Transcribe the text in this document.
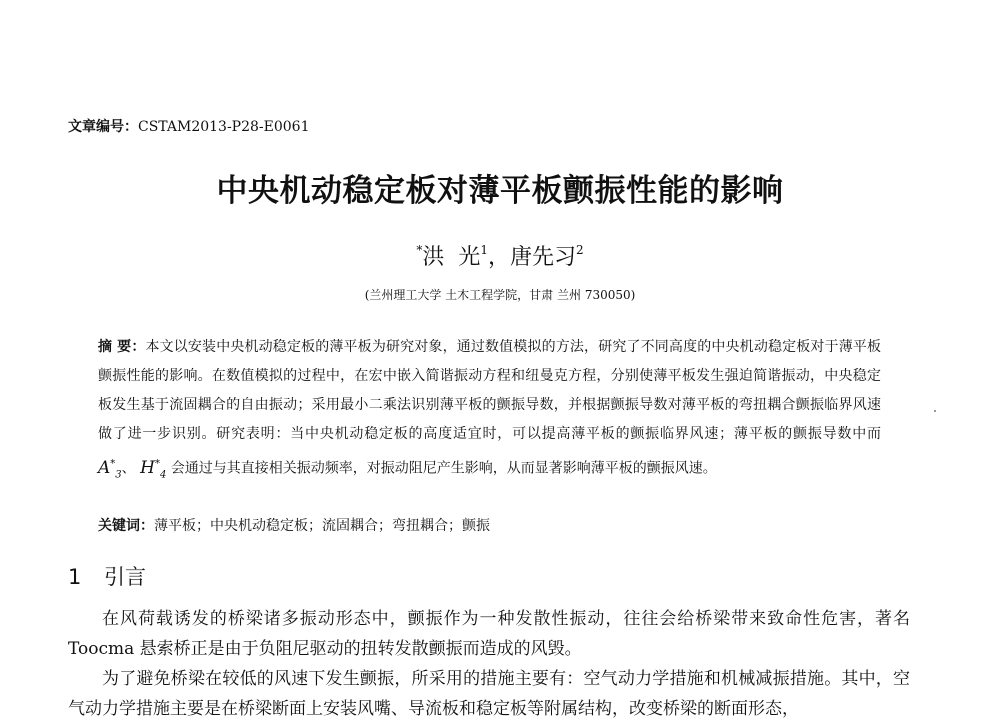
文章编号：CSTAM2013-P28-E0061
中央机动稳定板对薄平板颤振性能的影响
*洪  光$^1$，唐先习$^2$
(兰州理工大学 土木工程学院，甘肃 兰州 730050)

摘 要：本文以安装中央机动稳定板的薄平板为研究对象，通过数值模拟的方法，研究了不同高度的中央机动稳定板对于薄平板颤振性能的影响。在数值模拟的过程中，在宏中嵌入简谐振动方程和纽曼克方程，分别使薄平板发生强迫简谐振动，中央稳定板发生基于流固耦合的自由振动；采用最小二乘法识别薄平板的颤振导数，并根据颤振导数对薄平板的弯扭耦合颤振临界风速做了进一步识别。研究表明：当中央机动稳定板的高度适宜时，可以提高薄平板的颤振临界风速；薄平板的颤振导数中而 $A^*_3$、 $H^*_4$ 会通过与其直接相关振动频率，对振动阻尼产生影响，从而显著影响薄平板的颤振风速。

关键词：薄平板；中央机动稳定板；流固耦合；弯扭耦合；颤振
1 引言

在风荷载诱发的桥梁诸多振动形态中，颤振作为一种发散性振动，往往会给桥梁带来致命性危害，著名 Toocma 悬索桥正是由于负阻尼驱动的扭转发散颤振而造成的风毁。

为了避免桥梁在较低的风速下发生颤振，所采用的措施主要有：空气动力学措施和机械减振措施。其中，空气动力学措施主要是在桥梁断面上安装风嘴、导流板和稳定板等附属结构，改变桥梁的断面形态，
